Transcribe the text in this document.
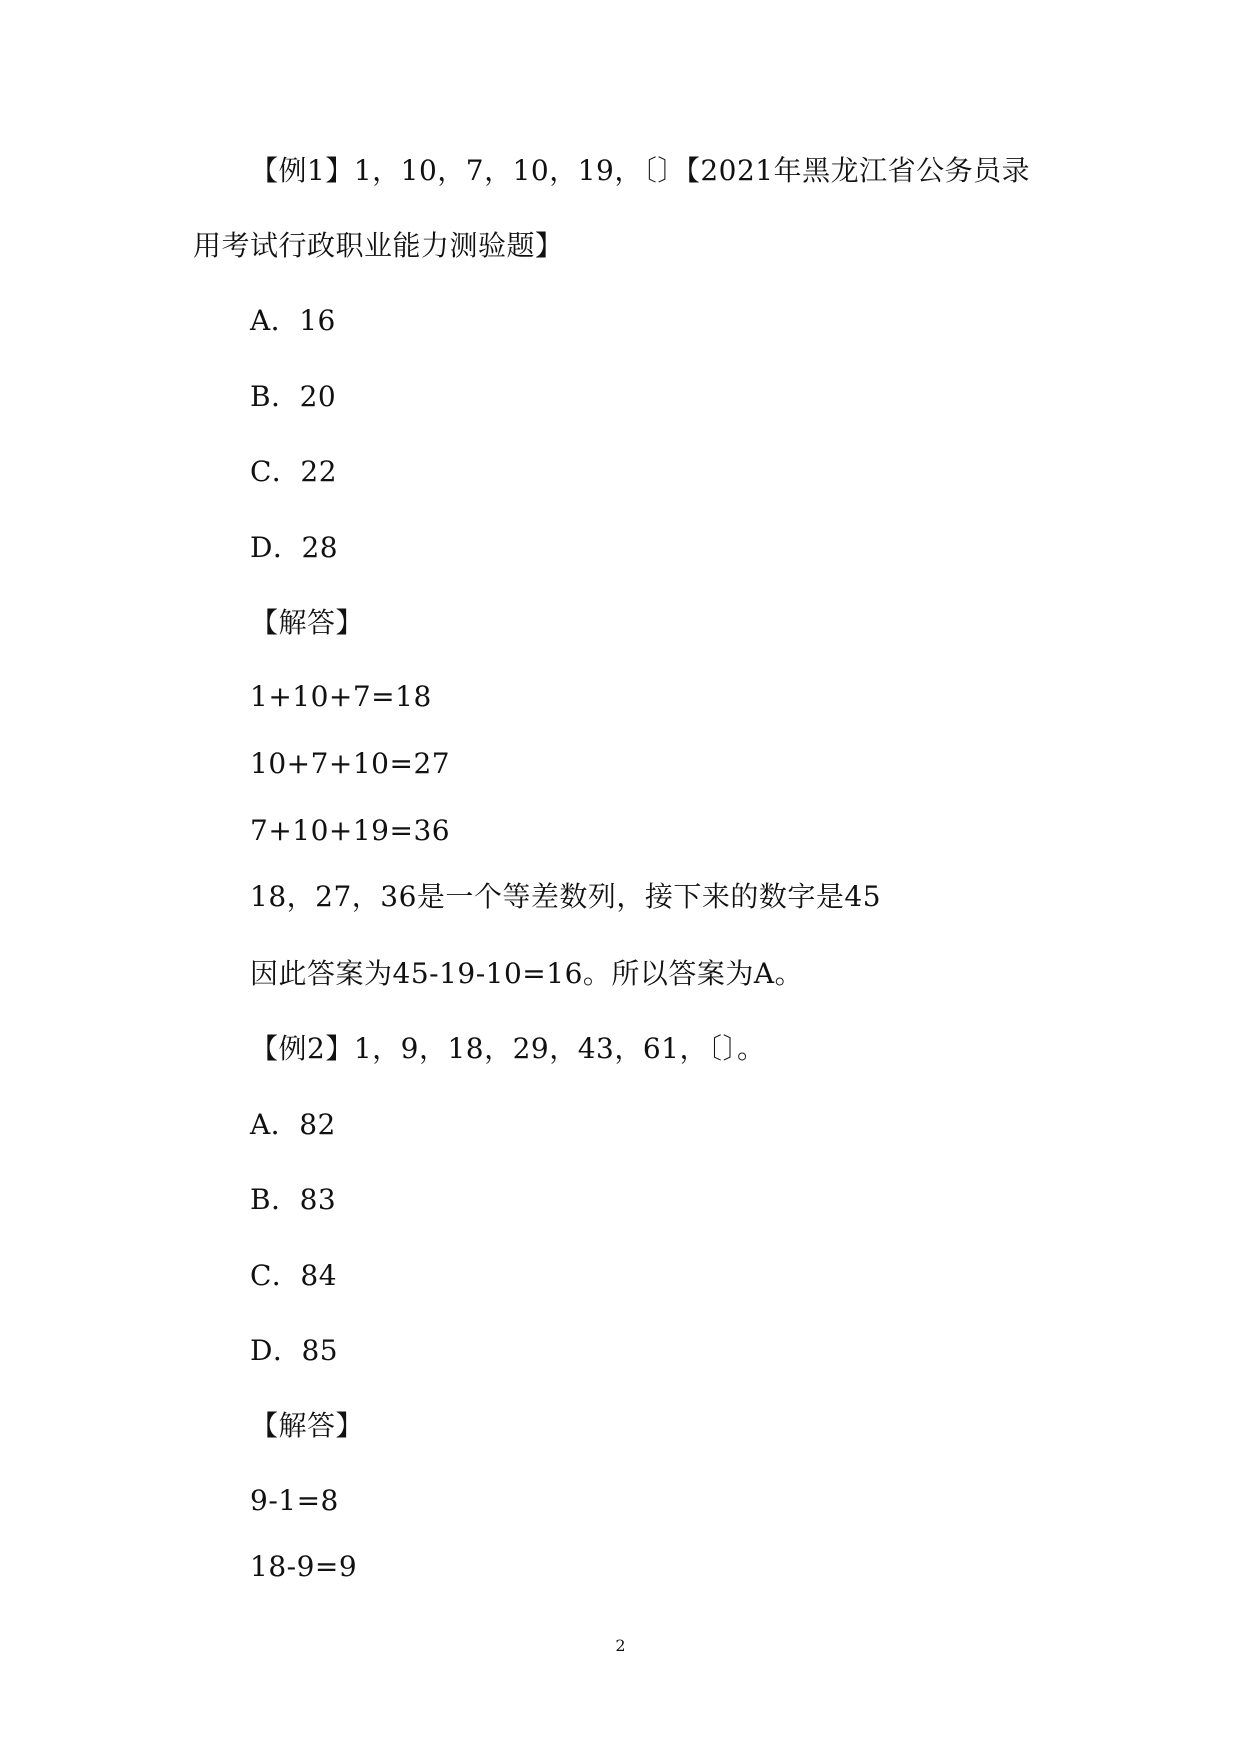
【例1】1，10，7，10，19，〔〕【2021年黑龙江省公务员录
用考试行政职业能力测验题】
A．16
B．20
C．22
D．28
【解答】
1+10+7=18
10+7+10=27
7+10+19=36
18，27，36是一个等差数列，接下来的数字是45
因此答案为45-19-10=16。所以答案为A。
【例2】1，9，18，29，43，61，〔〕。
A．82
B．83
C．84
D．85
【解答】
9-1=8
18-9=9
2
